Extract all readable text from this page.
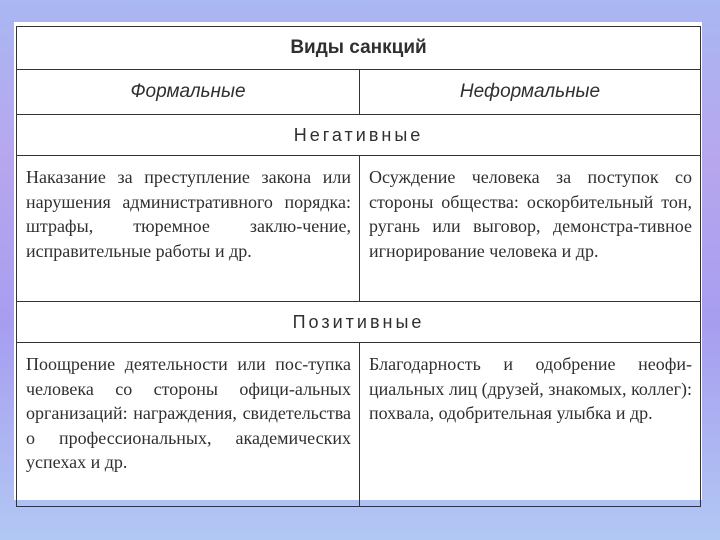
Виды санкций	
Формальные	Неформальные
Негативные	
Наказание за преступление закона или нарушения административного порядка: штрафы, тюремное заклю-чение, исправительные работы и др.	Осуждение человека за поступок со стороны общества: оскорбительный тон, ругань или выговор, демонстра-тивное игнорирование человека и др.
Позитивные	
Поощрение деятельности или пос-тупка человека со стороны офици-альных организаций: награждения, свидетельства о профессиональных, академических успехах и др.	Благодарность и одобрение неофи-циальных лиц (друзей, знакомых, коллег): похвала, одобрительная улыбка и др.
